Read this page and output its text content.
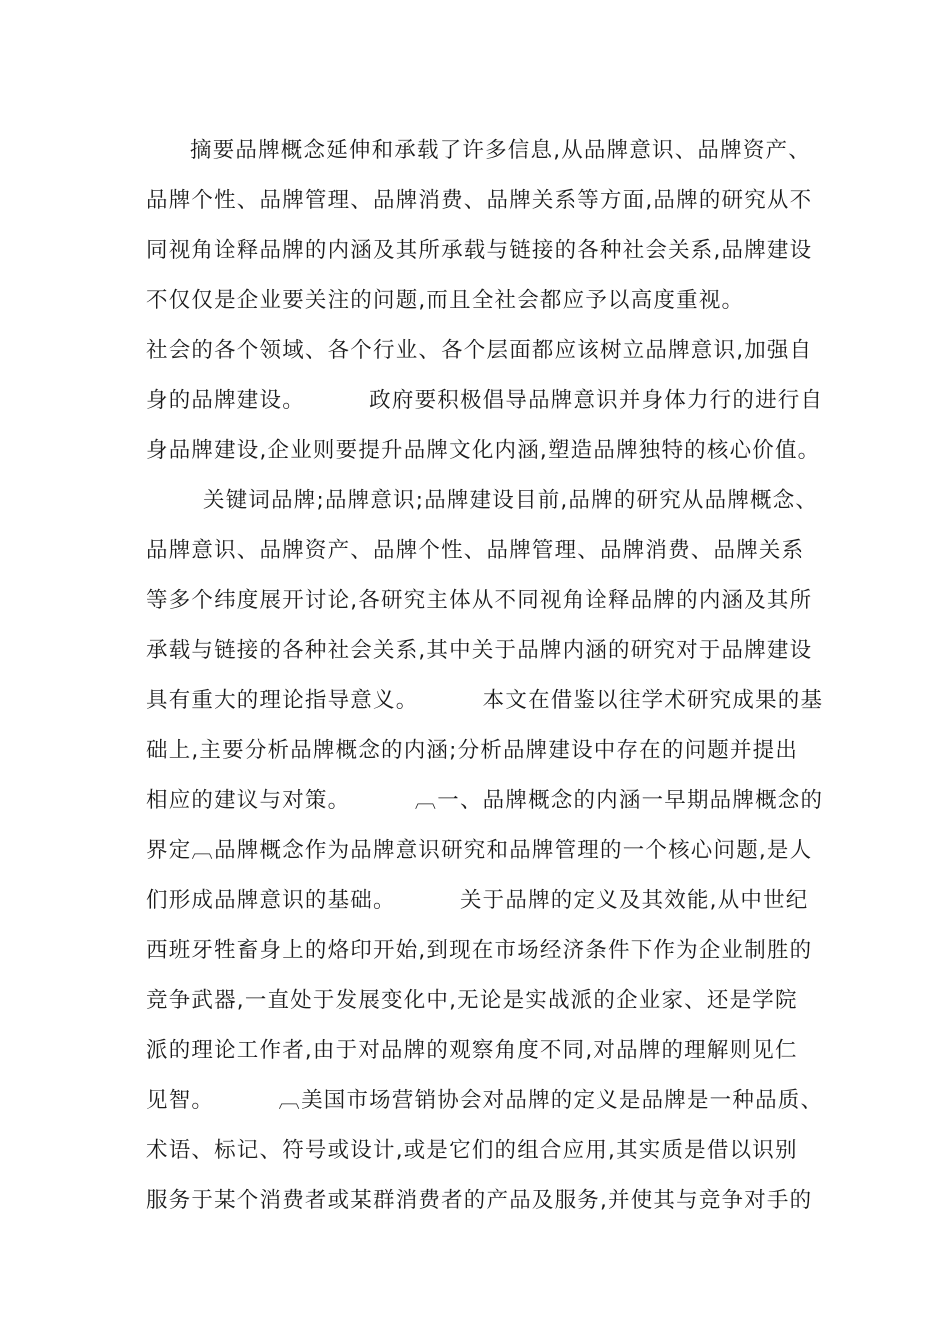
摘要品牌概念延伸和承载了许多信息,从品牌意识、品牌资产、
品牌个性、品牌管理、品牌消费、品牌关系等方面,品牌的研究从不
同视角诠释品牌的内涵及其所承载与链接的各种社会关系,品牌建设
不仅仅是企业要关注的问题,而且全社会都应予以高度重视。
社会的各个领域、各个行业、各个层面都应该树立品牌意识,加强自
身的品牌建设。        政府要积极倡导品牌意识并身体力行的进行自
身品牌建设,企业则要提升品牌文化内涵,塑造品牌独特的核心价值。
关键词品牌;品牌意识;品牌建设目前,品牌的研究从品牌概念、
品牌意识、品牌资产、品牌个性、品牌管理、品牌消费、品牌关系
等多个纬度展开讨论,各研究主体从不同视角诠释品牌的内涵及其所
承载与链接的各种社会关系,其中关于品牌内涵的研究对于品牌建设
具有重大的理论指导意义。        本文在借鉴以往学术研究成果的基
础上,主要分析品牌概念的内涵;分析品牌建设中存在的问题并提出
相应的建议与对策。        ︹一、品牌概念的内涵一早期品牌概念的
界定︹品牌概念作为品牌意识研究和品牌管理的一个核心问题,是人
们形成品牌意识的基础。        关于品牌的定义及其效能,从中世纪
西班牙牲畜身上的烙印开始,到现在市场经济条件下作为企业制胜的
竞争武器,一直处于发展变化中,无论是实战派的企业家、还是学院
派的理论工作者,由于对品牌的观察角度不同,对品牌的理解则见仁
见智。        ︹美国市场营销协会对品牌的定义是品牌是一种品质、
术语、标记、符号或设计,或是它们的组合应用,其实质是借以识别
服务于某个消费者或某群消费者的产品及服务,并使其与竞争对手的
